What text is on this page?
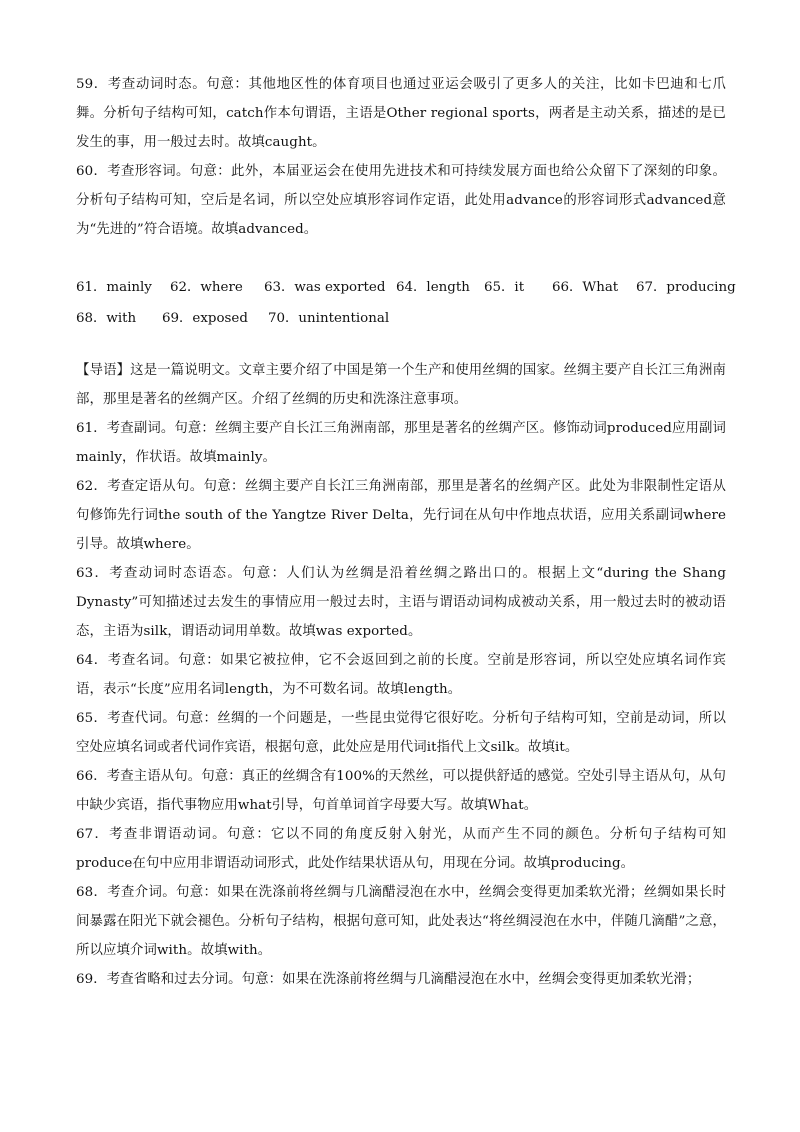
59．考查动词时态。句意：其他地区性的体育项目也通过亚运会吸引了更多人的关注，比如卡巴迪和七爪舞。分析句子结构可知，catch作本句谓语，主语是Other regional sports，两者是主动关系，描述的是已发生的事，用一般过去时。故填caught。

60．考查形容词。句意：此外，本届亚运会在使用先进技术和可持续发展方面也给公众留下了深刻的印象。分析句子结构可知，空后是名词，所以空处应填形容词作定语，此处用advance的形容词形式advanced意为“先进的”符合语境。故填advanced。

61．mainly 62．where 63．was exported 64．length 65．it	66．What 67．producing
68．with	69．exposed 70．unintentional

【导语】这是一篇说明文。文章主要介绍了中国是第一个生产和使用丝绸的国家。丝绸主要产自长江三角洲南部，那里是著名的丝绸产区。介绍了丝绸的历史和洗涤注意事项。

61．考查副词。句意：丝绸主要产自长江三角洲南部，那里是著名的丝绸产区。修饰动词produced应用副词mainly，作状语。故填mainly。

62．考查定语从句。句意：丝绸主要产自长江三角洲南部，那里是著名的丝绸产区。此处为非限制性定语从句修饰先行词the south of the Yangtze River Delta，先行词在从句中作地点状语，应用关系副词where引导。故填where。

63．考查动词时态语态。句意：人们认为丝绸是沿着丝绸之路出口的。根据上文“during the Shang Dynasty”可知描述过去发生的事情应用一般过去时，主语与谓语动词构成被动关系，用一般过去时的被动语态，主语为silk，谓语动词用单数。故填was exported。

64．考查名词。句意：如果它被拉伸，它不会返回到之前的长度。空前是形容词，所以空处应填名词作宾语，表示“长度”应用名词length，为不可数名词。故填length。

65．考查代词。句意：丝绸的一个问题是，一些昆虫觉得它很好吃。分析句子结构可知，空前是动词，所以空处应填名词或者代词作宾语，根据句意，此处应是用代词it指代上文silk。故填it。

66．考查主语从句。句意：真正的丝绸含有100%的天然丝，可以提供舒适的感觉。空处引导主语从句，从句中缺少宾语，指代事物应用what引导，句首单词首字母要大写。故填What。

67．考查非谓语动词。句意：它以不同的角度反射入射光，从而产生不同的颜色。分析句子结构可知produce在句中应用非谓语动词形式，此处作结果状语从句，用现在分词。故填producing。

68．考查介词。句意：如果在洗涤前将丝绸与几滴醋浸泡在水中，丝绸会变得更加柔软光滑；丝绸如果长时间暴露在阳光下就会褪色。分析句子结构，根据句意可知，此处表达“将丝绸浸泡在水中，伴随几滴醋”之意，所以应填介词with。故填with。

69．考查省略和过去分词。句意：如果在洗涤前将丝绸与几滴醋浸泡在水中，丝绸会变得更加柔软光滑；
